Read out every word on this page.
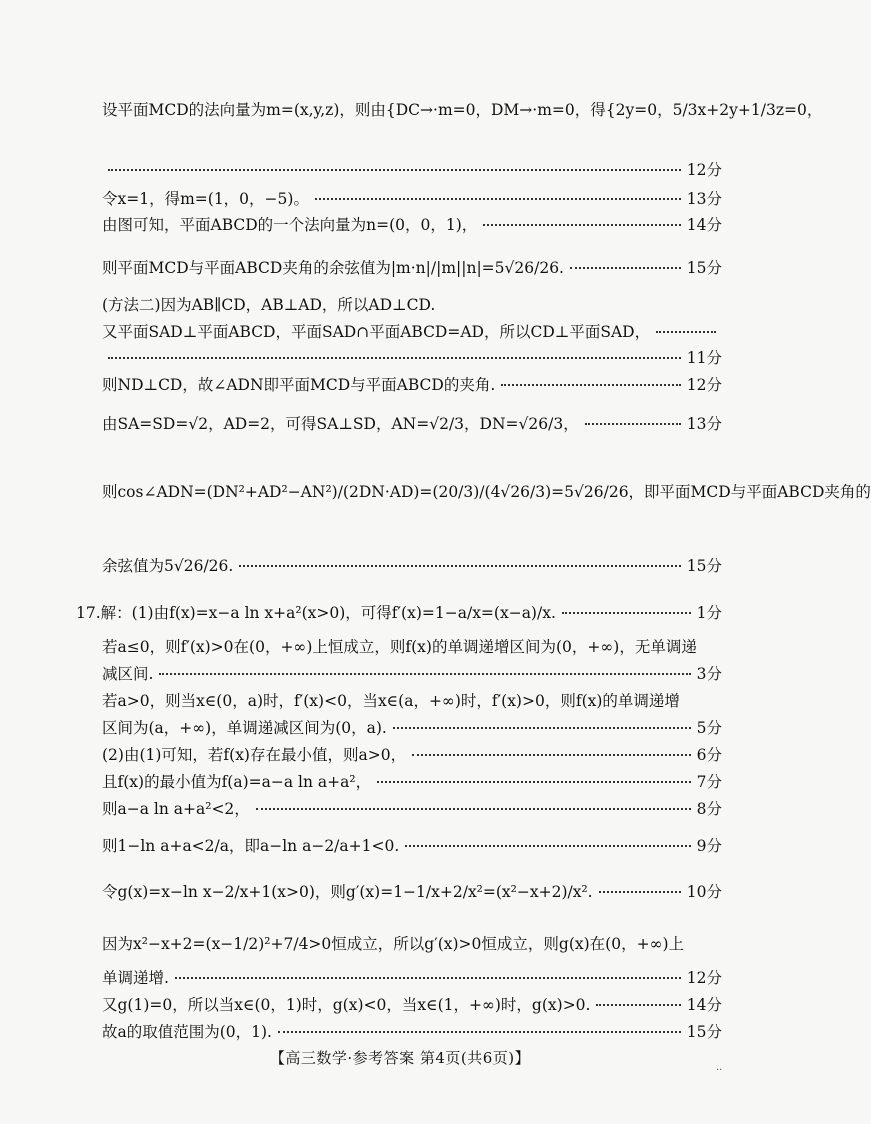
设平面MCD的法向量为m=(x,y,z)，则由{DC→·m=0，DM→·m=0，得{2y=0，5/3x+2y+1/3z=0，
12分
令x=1，得m=(1，0，−5)。	13分
由图可知，平面ABCD的一个法向量为n=(0，0，1)，	14分
则平面MCD与平面ABCD夹角的余弦值为|m·n|/|m||n|=5√26/26.	15分
(方法二)因为AB∥CD，AB⊥AD，所以AD⊥CD.
又平面SAD⊥平面ABCD，平面SAD∩平面ABCD=AD，所以CD⊥平面SAD，
11分
则ND⊥CD，故∠ADN即平面MCD与平面ABCD的夹角.	12分
由SA=SD=√2，AD=2，可得SA⊥SD，AN=√2/3，DN=√26/3，	13分
则cos∠ADN=(DN²+AD²−AN²)/(2DN·AD)=(20/3)/(4√26/3)=5√26/26，即平面MCD与平面ABCD夹角的
余弦值为5√26/26.	15分
17.解：(1)由f(x)=x−a ln x+a²(x>0)，可得f′(x)=1−a/x=(x−a)/x.	1分
若a≤0，则f′(x)>0在(0，+∞)上恒成立，则f(x)的单调递增区间为(0，+∞)，无单调递
减区间.	3分
若a>0，则当x∈(0，a)时，f′(x)<0，当x∈(a，+∞)时，f′(x)>0，则f(x)的单调递增
区间为(a，+∞)，单调递减区间为(0，a).	5分
(2)由(1)可知，若f(x)存在最小值，则a>0，	6分
且f(x)的最小值为f(a)=a−a ln a+a²，	7分
则a−a ln a+a²<2，	8分
则1−ln a+a<2/a，即a−ln a−2/a+1<0.	9分
令g(x)=x−ln x−2/x+1(x>0)，则g′(x)=1−1/x+2/x²=(x²−x+2)/x².	10分
因为x²−x+2=(x−1/2)²+7/4>0恒成立，所以g′(x)>0恒成立，则g(x)在(0，+∞)上
单调递增.	12分
又g(1)=0，所以当x∈(0，1)时，g(x)<0，当x∈(1，+∞)时，g(x)>0.	14分
故a的取值范围为(0，1).	15分
【高三数学·参考答案 第4页(共6页)】
··
